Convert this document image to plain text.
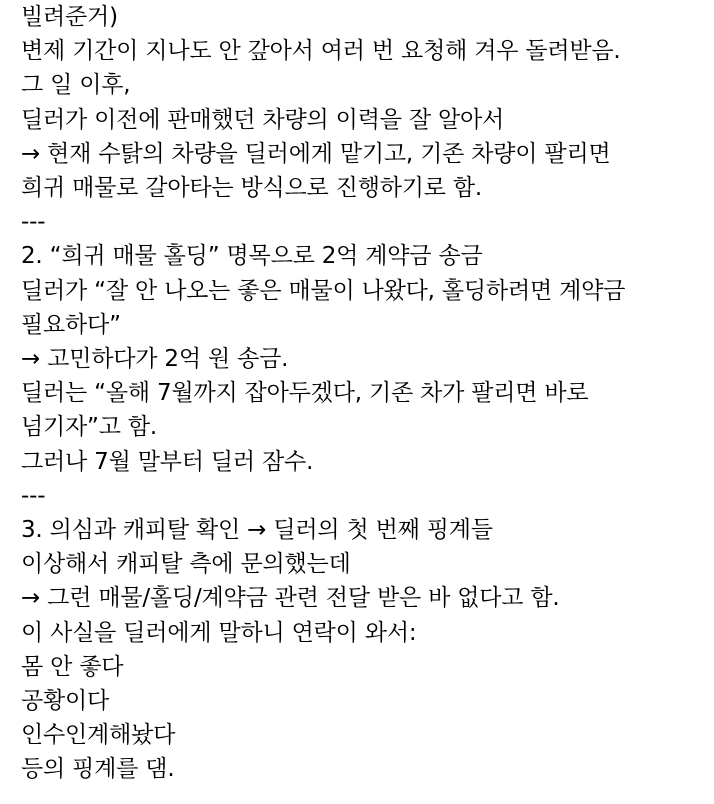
빌려준거)
변제 기간이 지나도 안 갚아서 여러 번 요청해 겨우 돌려받음.
그 일 이후,
딜러가 이전에 판매했던 차량의 이력을 잘 알아서
→ 현재 수탉의 차량을 딜러에게 맡기고, 기존 차량이 팔리면
희귀 매물로 갈아타는 방식으로 진행하기로 함.
---
2. “희귀 매물 홀딩” 명목으로 2억 계약금 송금
딜러가 “잘 안 나오는 좋은 매물이 나왔다, 홀딩하려면 계약금
필요하다”
→ 고민하다가 2억 원 송금.
딜러는 “올해 7월까지 잡아두겠다, 기존 차가 팔리면 바로
넘기자”고 함.
그러나 7월 말부터 딜러 잠수.
---
3. 의심과 캐피탈 확인 → 딜러의 첫 번째 핑계들
이상해서 캐피탈 측에 문의했는데
→ 그런 매물/홀딩/계약금 관련 전달 받은 바 없다고 함.
이 사실을 딜러에게 말하니 연락이 와서:
몸 안 좋다
공황이다
인수인계해놨다
등의 핑계를 댐.
